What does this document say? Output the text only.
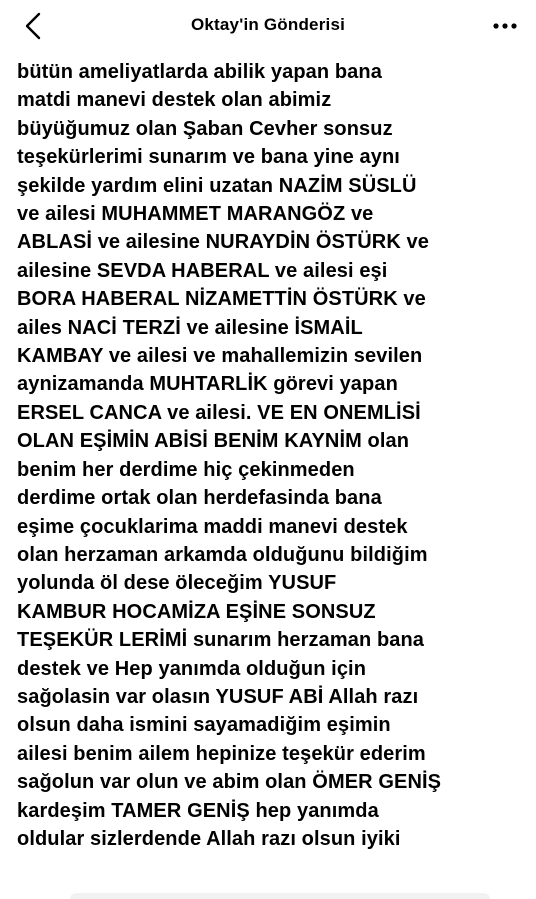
Oktay'in Gönderisi
bütün ameliyatlarda abilik yapan bana
matdi manevi destek olan abimiz
büyüğumuz olan Şaban Cevher sonsuz
teşekürlerimi sunarım ve bana yine aynı
şekilde yardım elini uzatan NAZİM SÜSLÜ
ve ailesi MUHAMMET MARANGÖZ ve
ABLASİ ve ailesine NURAYDİN ÖSTÜRK ve
ailesine SEVDA HABERAL ve ailesi eşi
BORA HABERAL NİZAMETTİN ÖSTÜRK ve
ailes NACİ TERZİ ve ailesine İSMAİL
KAMBAY ve ailesi ve mahallemizin sevilen
aynizamanda MUHTARLİK görevi yapan
ERSEL CANCA ve ailesi. VE EN ONEMLİSİ
OLAN EŞİMİN ABİSİ BENİM KAYNİM olan
benim her derdime hiç çekinmeden
derdime ortak olan herdefasinda bana
eşime çocuklarima maddi manevi destek
olan herzaman arkamda olduğunu bildiğim
yolunda öl dese öleceğim YUSUF
KAMBUR HOCAMİZA EŞİNE SONSUZ
TEŞEKÜR LERİMİ sunarım herzaman bana
destek ve Hep yanımda olduğun için
sağolasin var olasın YUSUF ABİ Allah razı
olsun daha ismini sayamadiğim eşimin
ailesi benim ailem hepinize teşekür ederim
sağolun var olun ve abim olan ÖMER GENİŞ
kardeşim TAMER GENİŞ hep yanımda
oldular sizlerdende Allah razı olsun iyiki
